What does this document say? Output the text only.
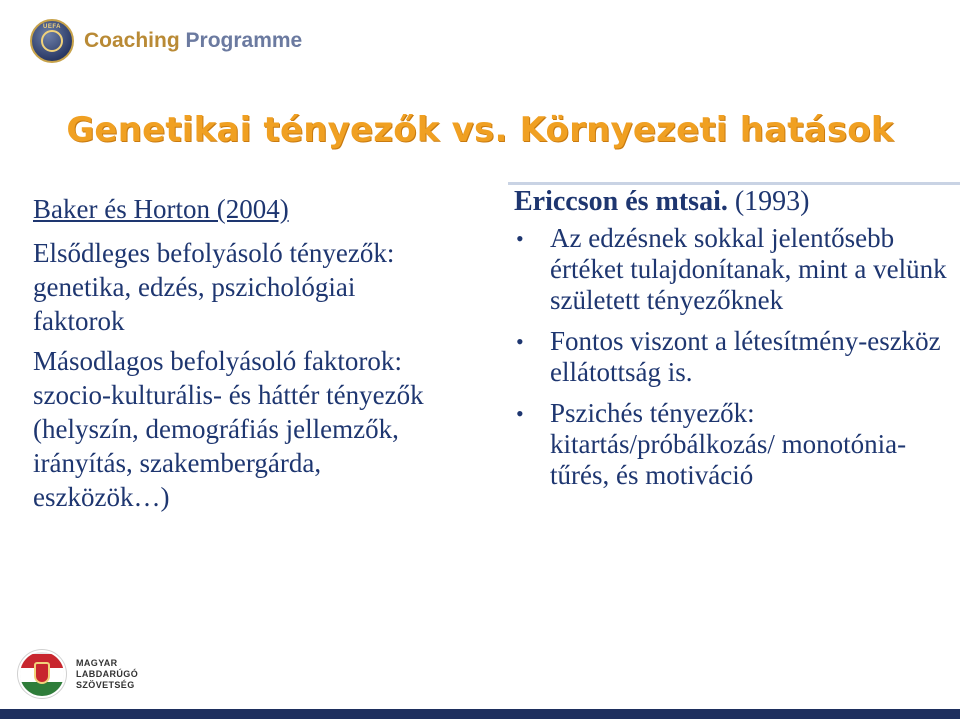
UEFA
Coaching Programme
Genetikai tényezők vs. Környezeti hatások
Baker és Horton (2004)
Elsődleges befolyásoló tényezők: genetika, edzés, pszichológiai faktorok
Másodlagos befolyásoló faktorok: szocio-kulturális- és háttér tényezők (helyszín, demográfiás jellemzők, irányítás, szakembergárda, eszközök…)
Ericcson és mtsai. (1993)
• Az edzésnek sokkal jelentősebb értéket tulajdonítanak, mint a velünk született tényezőknek
• Fontos viszont a létesítmény-eszköz ellátottság is.
• Pszichés tényezők: kitartás/próbálkozás/ monotónia-tűrés, és motiváció
MAGYAR
LABDARÚGÓ
SZÖVETSÉG
